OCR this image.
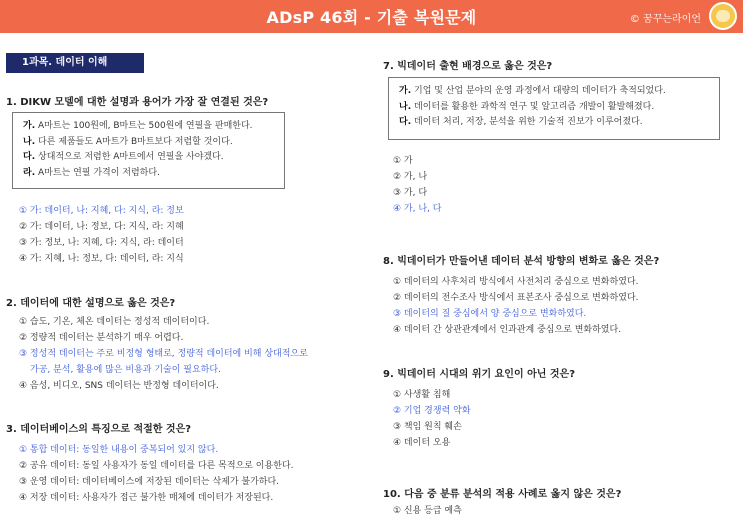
ADsP 46회 - 기출 복원문제	© 꿈꾸는라이언
1과목. 데이터 이해
1. DIKW 모델에 대한 설명과 용어가 가장 잘 연결된 것은?
가. A마트는 100원에, B마트는 500원에 연필을 판매한다.
나. 다른 제품들도 A마트가 B마트보다 저렴할 것이다.
다. 상대적으로 저렴한 A마트에서 연필을 사야겠다.
라. A마트는 연필 가격이 저렴하다.
① 가: 데이터, 나: 지혜, 다: 지식, 라: 정보
② 가: 데이터, 나: 정보, 다: 지식, 라: 지혜
③ 가: 정보, 나: 지혜, 다: 지식, 라: 데이터
④ 가: 지혜, 나: 정보, 다: 데이터, 라: 지식
2. 데이터에 대한 설명으로 옳은 것은?
① 습도, 기온, 체온 데이터는 정성적 데이터이다.
② 정량적 데이터는 분석하기 매우 어렵다.
③ 정성적 데이터는 주로 비정형 형태로, 정량적 데이터에 비해 상대적으로
가공, 분석, 활용에 많은 비용과 기술이 필요하다.
④ 음성, 비디오, SNS 데이터는 반정형 데이터이다.
3. 데이터베이스의 특징으로 적절한 것은?
① 통합 데이터: 동일한 내용이 중복되어 있지 않다.
② 공유 데이터: 동일 사용자가 동일 데이터를 다른 목적으로 이용한다.
③ 운영 데이터: 데이터베이스에 저장된 데이터는 삭제가 불가하다.
④ 저장 데이터: 사용자가 접근 불가한 매체에 데이터가 저장된다.
7. 빅데이터 출현 배경으로 옳은 것은?
가. 기업 및 산업 분야의 운영 과정에서 대량의 데이터가 축적되었다.
나. 데이터를 활용한 과학적 연구 및 알고리즘 개발이 활발해졌다.
다. 데이터 처리, 저장, 분석을 위한 기술적 진보가 이루어졌다.
① 가
② 가, 나
③ 가, 다
④ 가, 나, 다
8. 빅데이터가 만들어낸 데이터 분석 방향의 변화로 옳은 것은?
① 데이터의 사후처리 방식에서 사전처리 중심으로 변화하였다.
② 데이터의 전수조사 방식에서 표본조사 중심으로 변화하였다.
③ 데이터의 질 중심에서 양 중심으로 변화하였다.
④ 데이터 간 상관관계에서 인과관계 중심으로 변화하였다.
9. 빅데이터 시대의 위기 요인이 아닌 것은?
① 사생활 침해
② 기업 경쟁력 약화
③ 책임 원칙 훼손
④ 데이터 오용
10. 다음 중 분류 분석의 적용 사례로 옳지 않은 것은?
① 신용 등급 예측
